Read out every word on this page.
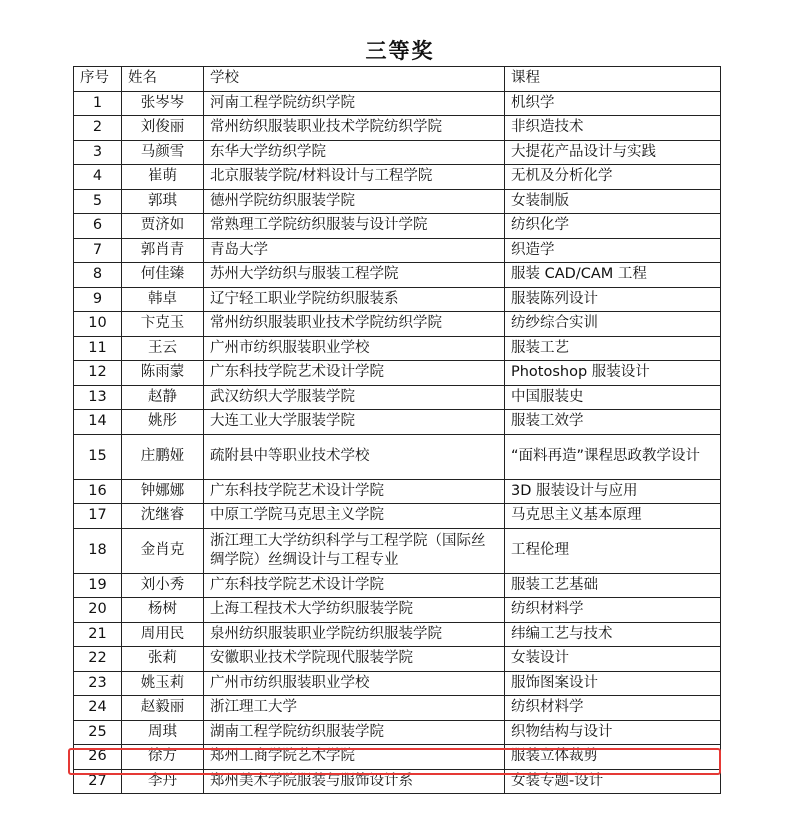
三等奖
序号	姓名	学校	课程
1	张岑岑	河南工程学院纺织学院	机织学
2	刘俊丽	常州纺织服装职业技术学院纺织学院	非织造技术
3	马颜雪	东华大学纺织学院	大提花产品设计与实践
4	崔萌	北京服装学院/材料设计与工程学院	无机及分析化学
5	郭琪	德州学院纺织服装学院	女装制版
6	贾济如	常熟理工学院纺织服装与设计学院	纺织化学
7	郭肖青	青岛大学	织造学
8	何佳臻	苏州大学纺织与服装工程学院	服装 CAD/CAM 工程
9	韩卓	辽宁轻工职业学院纺织服装系	服装陈列设计
10	卞克玉	常州纺织服装职业技术学院纺织学院	纺纱综合实训
11	王云	广州市纺织服装职业学校	服装工艺
12	陈雨蒙	广东科技学院艺术设计学院	Photoshop 服装设计
13	赵静	武汉纺织大学服装学院	中国服装史
14	姚彤	大连工业大学服装学院	服装工效学
15	庄鹏娅	疏附县中等职业技术学校	“面料再造”课程思政教学设计
16	钟娜娜	广东科技学院艺术设计学院	3D 服装设计与应用
17	沈继睿	中原工学院马克思主义学院	马克思主义基本原理
18	金肖克	浙江理工大学纺织科学与工程学院（国际丝绸学院）丝绸设计与工程专业	工程伦理
19	刘小秀	广东科技学院艺术设计学院	服装工艺基础
20	杨树	上海工程技术大学纺织服装学院	纺织材料学
21	周用民	泉州纺织服装职业学院纺织服装学院	纬编工艺与技术
22	张莉	安徽职业技术学院现代服装学院	女装设计
23	姚玉莉	广州市纺织服装职业学校	服饰图案设计
24	赵毅丽	浙江理工大学	纺织材料学
25	周琪	湖南工程学院纺织服装学院	织物结构与设计
26	徐方	郑州工商学院艺术学院	服装立体裁剪
27	李丹	郑州美术学院服装与服饰设计系	女装专题-设计
